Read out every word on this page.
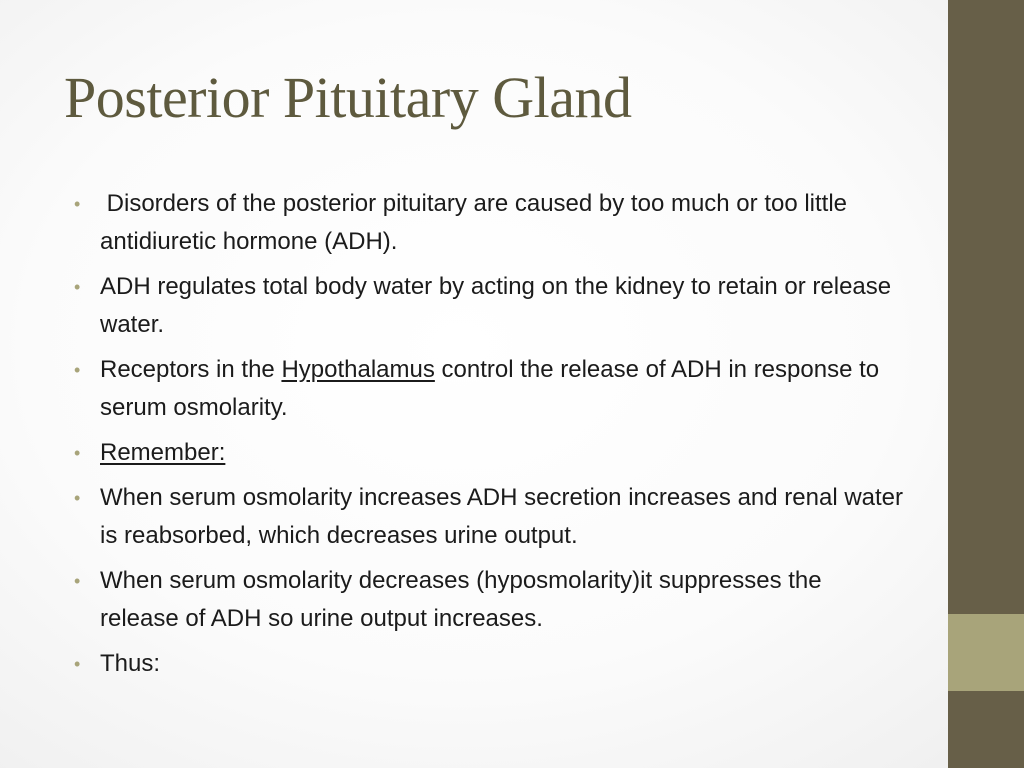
Posterior Pituitary Gland
• Disorders of the posterior pituitary are caused by too much or too little antidiuretic hormone (ADH).
• ADH regulates total body water by acting on the kidney to retain or release water.
• Receptors in the Hypothalamus control the release of ADH in response to serum osmolarity.
• Remember:
• When serum osmolarity increases ADH secretion increases and renal water is reabsorbed, which decreases urine output.
• When serum osmolarity decreases (hyposmolarity)it suppresses the release of ADH so urine output increases.
• Thus:
